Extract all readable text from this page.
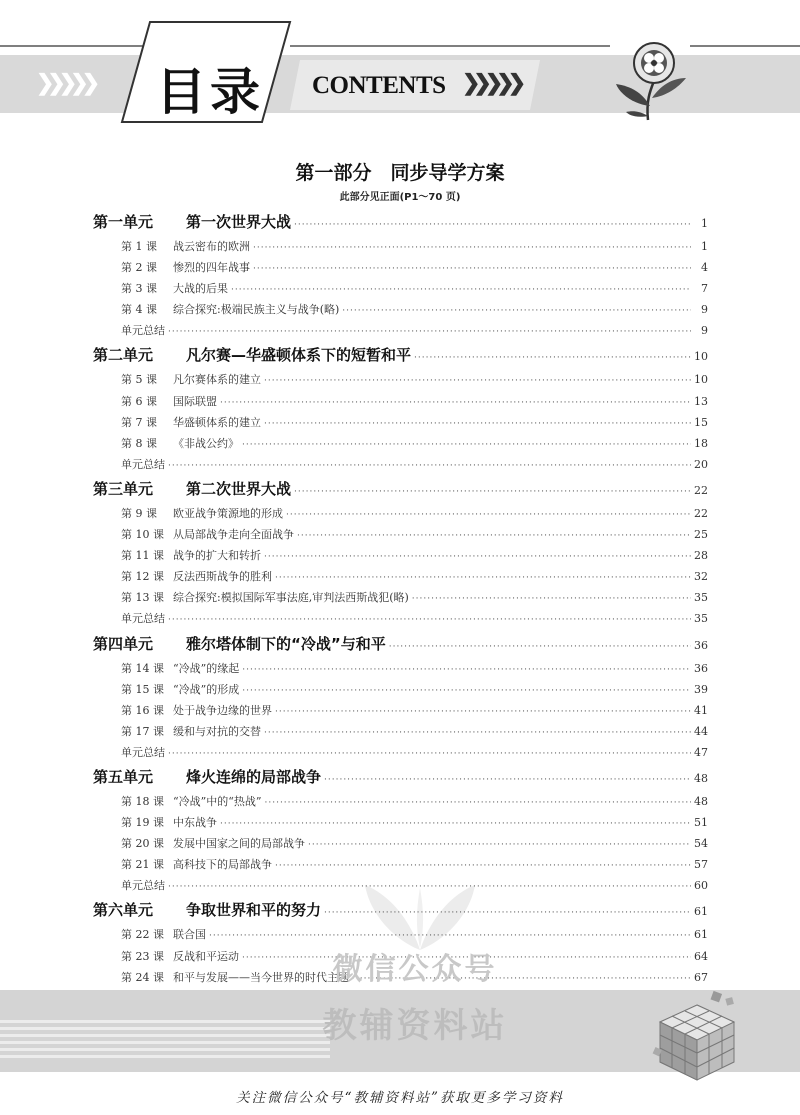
❯❯❯❯❯ 目录	CONTENTS ❯❯❯❯❯
第一部分　同步导学方案
此部分见正面(P1～70 页)
第一单元	第一次世界大战 ·····	1
第 1 课	战云密布的欧洲 ·····	1
第 2 课	惨烈的四年战事 ·····	4
第 3 课	大战的后果 ·····	7
第 4 课	综合探究:极端民族主义与战争(略) ·····	9
单元总结 ·····	9
第二单元	凡尔赛—华盛顿体系下的短暂和平 ·····	10
第 5 课	凡尔赛体系的建立 ·····	10
第 6 课	国际联盟 ·····	13
第 7 课	华盛顿体系的建立 ·····	15
第 8 课	《非战公约》 ·····	18
单元总结 ·····	20
第三单元	第二次世界大战 ·····	22
第 9 课	欧亚战争策源地的形成 ·····	22
第 10 课 从局部战争走向全面战争 ·····	25
第 11 课 战争的扩大和转折 ·····	28
第 12 课 反法西斯战争的胜利 ·····	32
第 13 课 综合探究:模拟国际军事法庭,审判法西斯战犯(略) ·····	35
单元总结 ·····	35
第四单元	雅尔塔体制下的“冷战”与和平 ·····	36
第 14 课 “冷战”的缘起 ·····	36
第 15 课 “冷战”的形成 ·····	39
第 16 课 处于战争边缘的世界 ·····	41
第 17 课 缓和与对抗的交替 ·····	44
单元总结 ·····	47
第五单元	烽火连绵的局部战争 ·····	48
第 18 课 “冷战”中的“热战” ·····	48
第 19 课 中东战争 ·····	51
第 20 课 发展中国家之间的局部战争 ·····	54
第 21 课 高科技下的局部战争 ·····	57
单元总结 ·····	60
第六单元	争取世界和平的努力 ·····	61
第 22 课 联合国 ·····	61
第 23 课 反战和平运动 ·····	64
第 24 课 和平与发展——当今世界的时代主题 ·····	67
·····
微信公众号
教辅资料站
关注微信公众号“教辅资料站”获取更多学习资料
